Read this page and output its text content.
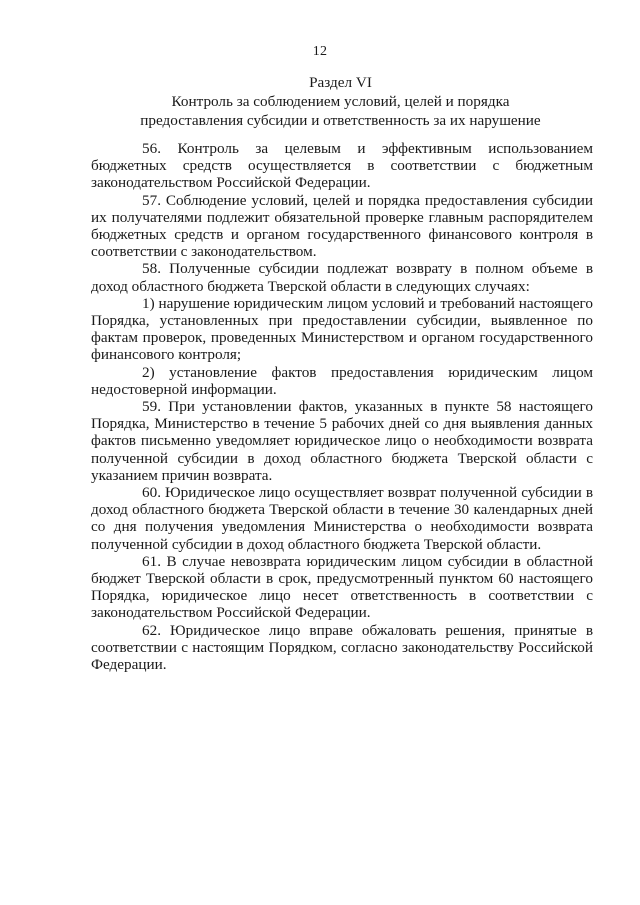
12
Раздел VI
Контроль за соблюдением условий, целей и порядка
предоставления субсидии и ответственность за их нарушение

56. Контроль за целевым и эффективным использованием бюджетных средств осуществляется в соответствии с бюджетным законодательством Российской Федерации.

57. Соблюдение условий, целей и порядка предоставления субсидии их получателями подлежит обязательной проверке главным распорядителем бюджетных средств и органом государственного финансового контроля в соответствии с законодательством.

58. Полученные субсидии подлежат возврату в полном объеме в доход областного бюджета Тверской области в следующих случаях:

1) нарушение юридическим лицом условий и требований настоящего Порядка, установленных при предоставлении субсидии, выявленное по фактам проверок, проведенных Министерством и органом государственного финансового контроля;

2) установление фактов предоставления юридическим лицом недостоверной информации.

59. При установлении фактов, указанных в пункте 58 настоящего Порядка, Министерство в течение 5 рабочих дней со дня выявления данных фактов письменно уведомляет юридическое лицо о необходимости возврата полученной субсидии в доход областного бюджета Тверской области с указанием причин возврата.

60. Юридическое лицо осуществляет возврат полученной субсидии в доход областного бюджета Тверской области в течение 30 календарных дней со дня получения уведомления Министерства о необходимости возврата полученной субсидии в доход областного бюджета Тверской области.

61. В случае невозврата юридическим лицом субсидии в областной бюджет Тверской области в срок, предусмотренный пунктом 60 настоящего Порядка, юридическое лицо несет ответственность в соответствии с законодательством Российской Федерации.

62. Юридическое лицо вправе обжаловать решения, принятые в соответствии с настоящим Порядком, согласно законодательству Российской Федерации.
